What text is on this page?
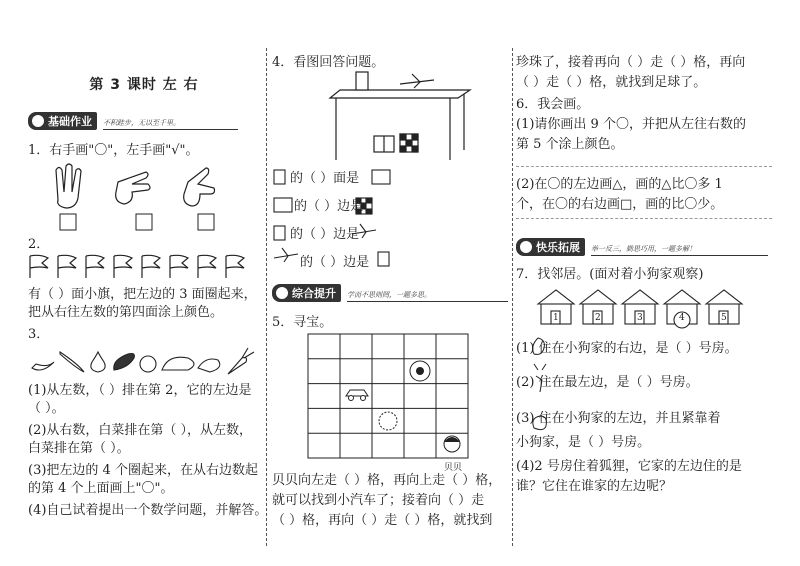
第 3 课时 左 右
基础作业	不积跬步，无以至千里。
1．右手画"〇"，左手画"√"。
2．
有（ ）面小旗，把左边的 3 面圈起来，
把从右往左数的第四面涂上颜色。
3．
(1)从左数，（ ）排在第 2，它的左边是
（ ）。
(2)从右数，白菜排在第（ ），从左数，
白菜排在第（ ）。
(3)把左边的 4 个圈起来，在从右边数起
的第 4 个上面画上"〇"。
(4)自己试着提出一个数学问题，并解答。
4．看图回答问题。
的（ ）面是
的（ ）边是
的（ ）边是
的（ ）边是
综合提升	学而不思则罔，一题多思。
5．寻宝。
贝贝
贝贝向左走（ ）格，再向上走（ ）格，
就可以找到小汽车了；接着向（ ）走
（ ）格，再向（ ）走（ ）格，就找到
珍珠了，接着再向（ ）走（ ）格，再向
（ ）走（ ）格，就找到足球了。
6．我会画。
(1)请你画出 9 个〇，并把从左往右数的
第 5 个涂上颜色。
(2)在〇的左边画△，画的△比〇多 1
个，在〇的右边画□，画的比〇少。
快乐拓展	举一反三，勤思巧用，一题多解！
7．找邻居。(面对着小狗家观察)
1	2	3	4	5
(1) 住在小狗家的右边，是（ ）号房。
(2) 住在最左边，是（ ）号房。
(3) 住在小狗家的左边，并且紧靠着
小狗家，是（ ）号房。
(4)2 号房住着狐狸，它家的左边住的是
谁？它住在谁家的左边呢？
